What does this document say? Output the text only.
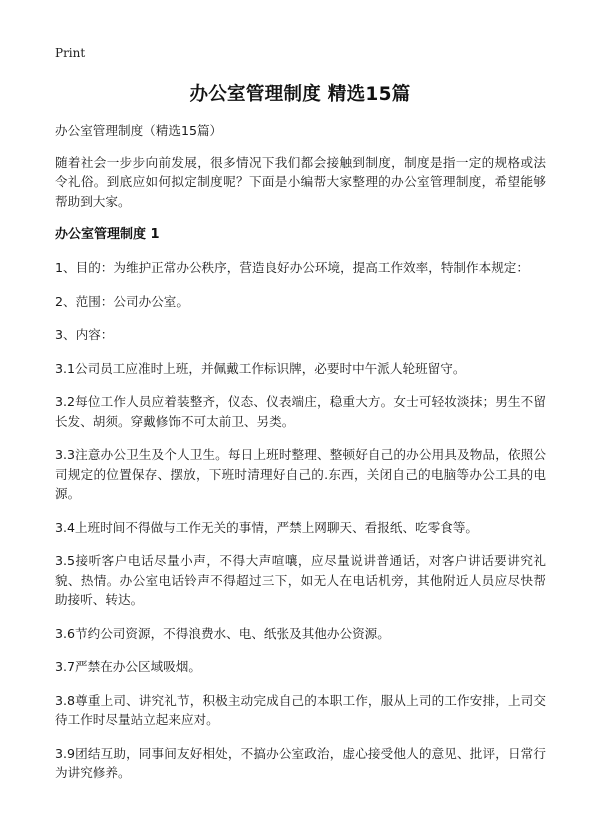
Print
办公室管理制度 精选15篇

办公室管理制度（精选15篇）

随着社会一步步向前发展，很多情况下我们都会接触到制度，制度是指一定的规格或法令礼俗。到底应如何拟定制度呢？下面是小编帮大家整理的办公室管理制度，希望能够帮助到大家。

办公室管理制度 1

1、目的：为维护正常办公秩序，营造良好办公环境，提高工作效率，特制作本规定：

2、范围：公司办公室。

3、内容：

3.1公司员工应准时上班，并佩戴工作标识牌，必要时中午派人轮班留守。

3.2每位工作人员应着装整齐，仪态、仪表端庄，稳重大方。女士可轻妆淡抹；男生不留长发、胡须。穿戴修饰不可太前卫、另类。

3.3注意办公卫生及个人卫生。每日上班时整理、整顿好自己的办公用具及物品，依照公司规定的位置保存、摆放，下班时清理好自己的.东西，关闭自己的电脑等办公工具的电源。

3.4上班时间不得做与工作无关的事情，严禁上网聊天、看报纸、吃零食等。

3.5接听客户电话尽量小声，不得大声喧嚷，应尽量说讲普通话，对客户讲话要讲究礼貌、热情。办公室电话铃声不得超过三下，如无人在电话机旁，其他附近人员应尽快帮助接听、转达。

3.6节约公司资源，不得浪费水、电、纸张及其他办公资源。

3.7严禁在办公区域吸烟。

3.8尊重上司、讲究礼节，积极主动完成自己的本职工作，服从上司的工作安排，上司交待工作时尽量站立起来应对。

3.9团结互助，同事间友好相处，不搞办公室政治，虚心接受他人的意见、批评，日常行为讲究修养。
